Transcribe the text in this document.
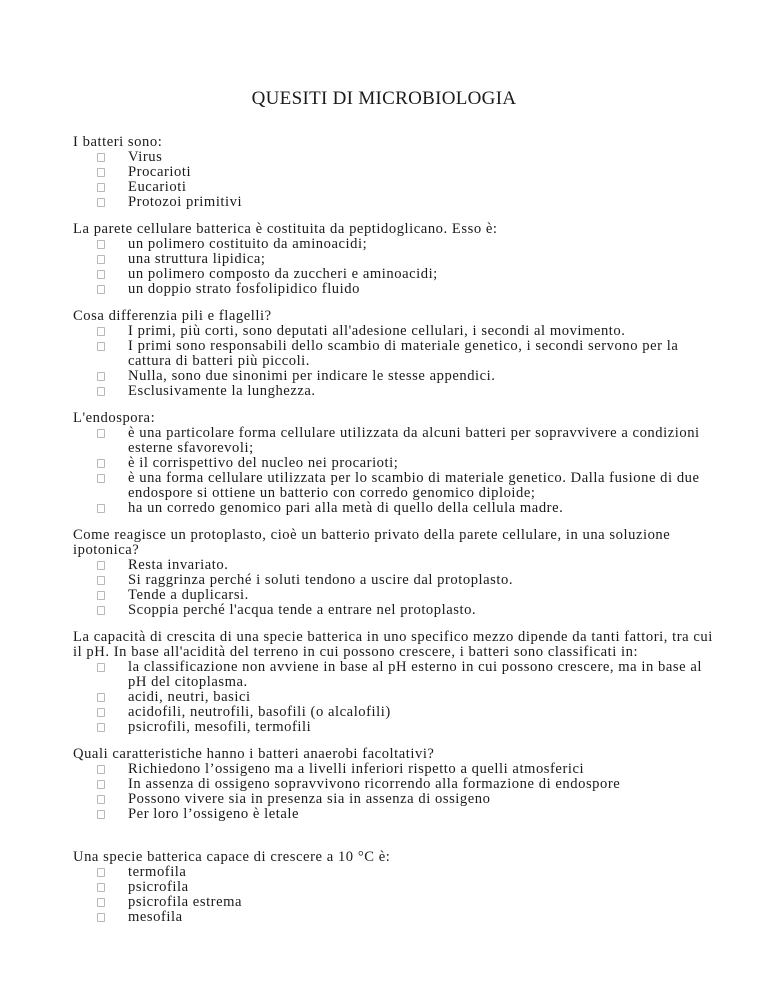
QUESITI DI MICROBIOLOGIA

I batteri sono:

Virus
Procarioti
Eucarioti
Protozoi primitivi

La parete cellulare batterica è costituita da peptidoglicano. Esso è:

un polimero costituito da aminoacidi;
una struttura lipidica;
un polimero composto da zuccheri e aminoacidi;
un doppio strato fosfolipidico fluido

Cosa differenzia pili e flagelli?

I primi, più corti, sono deputati all'adesione cellulari, i secondi al movimento.
I primi sono responsabili dello scambio di materiale genetico, i secondi servono per la cattura di batteri più piccoli.
Nulla, sono due sinonimi per indicare le stesse appendici.
Esclusivamente la lunghezza.

L'endospora:

è una particolare forma cellulare utilizzata da alcuni batteri per sopravvivere a condizioni esterne sfavorevoli;
è il corrispettivo del nucleo nei procarioti;
è una forma cellulare utilizzata per lo scambio di materiale genetico. Dalla fusione di due endospore si ottiene un batterio con corredo genomico diploide;
ha un corredo genomico pari alla metà di quello della cellula madre.

Come reagisce un protoplasto, cioè un batterio privato della parete cellulare, in una soluzione ipotonica?

Resta invariato.
Si raggrinza perché i soluti tendono a uscire dal protoplasto.
Tende a duplicarsi.
Scoppia perché l'acqua tende a entrare nel protoplasto.

La capacità di crescita di una specie batterica in uno specifico mezzo dipende da tanti fattori, tra cui il pH. In base all'acidità del terreno in cui possono crescere, i batteri sono classificati in:

la classificazione non avviene in base al pH esterno in cui possono crescere, ma in base al pH del citoplasma.
acidi, neutri, basici
acidofili, neutrofili, basofili (o alcalofili)
psicrofili, mesofili, termofili

Quali caratteristiche hanno i batteri anaerobi facoltativi?

Richiedono l’ossigeno ma a livelli inferiori rispetto a quelli atmosferici
In assenza di ossigeno sopravvivono ricorrendo alla formazione di endospore
Possono vivere sia in presenza sia in assenza di ossigeno
Per loro l’ossigeno è letale

Una specie batterica capace di crescere a 10 °C è:

termofila
psicrofila
psicrofila estrema
mesofila
